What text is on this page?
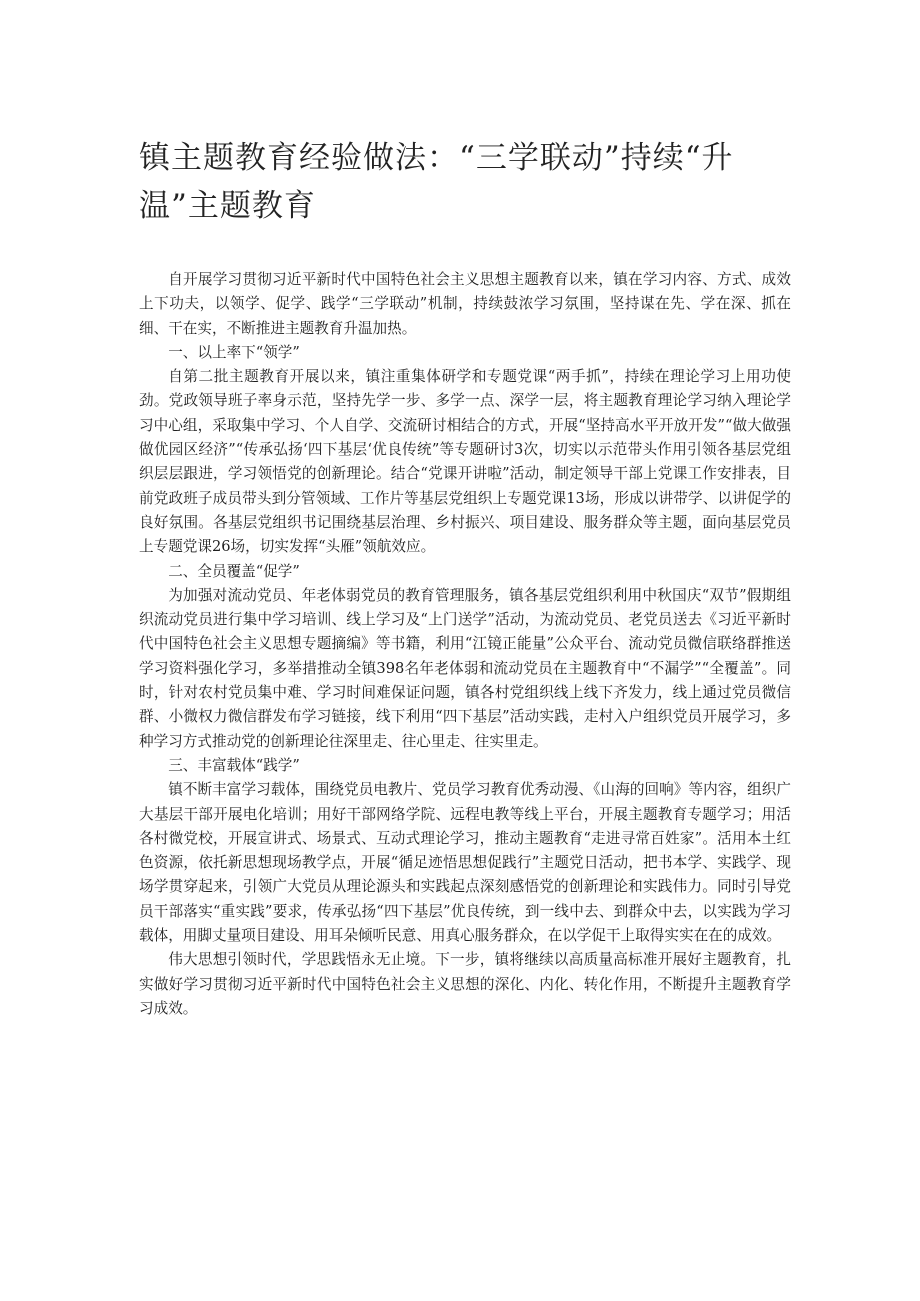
镇主题教育经验做法：“三学联动”持续“升温”主题教育

自开展学习贯彻习近平新时代中国特色社会主义思想主题教育以来，镇在学习内容、方式、成效上下功夫，以领学、促学、践学“三学联动”机制，持续鼓浓学习氛围，坚持谋在先、学在深、抓在细、干在实，不断推进主题教育升温加热。

一、以上率下“领学”

自第二批主题教育开展以来，镇注重集体研学和专题党课“两手抓”，持续在理论学习上用功使劲。党政领导班子率身示范，坚持先学一步、多学一点、深学一层，将主题教育理论学习纳入理论学习中心组，采取集中学习、个人自学、交流研讨相结合的方式，开展“坚持高水平开放开发”“做大做强做优园区经济”“传承弘扬‘四下基层‘优良传统”等专题研讨3次，切实以示范带头作用引领各基层党组织层层跟进，学习领悟党的创新理论。结合“党课开讲啦”活动，制定领导干部上党课工作安排表，目前党政班子成员带头到分管领域、工作片等基层党组织上专题党课13场，形成以讲带学、以讲促学的良好氛围。各基层党组织书记围绕基层治理、乡村振兴、项目建设、服务群众等主题，面向基层党员上专题党课26场，切实发挥“头雁”领航效应。

二、全员覆盖“促学”

为加强对流动党员、年老体弱党员的教育管理服务，镇各基层党组织利用中秋国庆“双节”假期组织流动党员进行集中学习培训、线上学习及“上门送学”活动，为流动党员、老党员送去《习近平新时代中国特色社会主义思想专题摘编》等书籍，利用“江镜正能量”公众平台、流动党员微信联络群推送学习资料强化学习，多举措推动全镇398名年老体弱和流动党员在主题教育中“不漏学”“全覆盖”。同时，针对农村党员集中难、学习时间难保证问题，镇各村党组织线上线下齐发力，线上通过党员微信群、小微权力微信群发布学习链接，线下利用“四下基层”活动实践，走村入户组织党员开展学习，多种学习方式推动党的创新理论往深里走、往心里走、往实里走。

三、丰富载体“践学”

镇不断丰富学习载体，围绕党员电教片、党员学习教育优秀动漫、《山海的回响》等内容，组织广大基层干部开展电化培训；用好干部网络学院、远程电教等线上平台，开展主题教育专题学习；用活各村微党校，开展宣讲式、场景式、互动式理论学习，推动主题教育“走进寻常百姓家”。活用本土红色资源，依托新思想现场教学点，开展“循足迹悟思想促践行”主题党日活动，把书本学、实践学、现场学贯穿起来，引领广大党员从理论源头和实践起点深刻感悟党的创新理论和实践伟力。同时引导党员干部落实“重实践”要求，传承弘扬“四下基层”优良传统，到一线中去、到群众中去，以实践为学习载体，用脚丈量项目建设、用耳朵倾听民意、用真心服务群众，在以学促干上取得实实在在的成效。

伟大思想引领时代，学思践悟永无止境。下一步，镇将继续以高质量高标准开展好主题教育，扎实做好学习贯彻习近平新时代中国特色社会主义思想的深化、内化、转化作用，不断提升主题教育学习成效。
